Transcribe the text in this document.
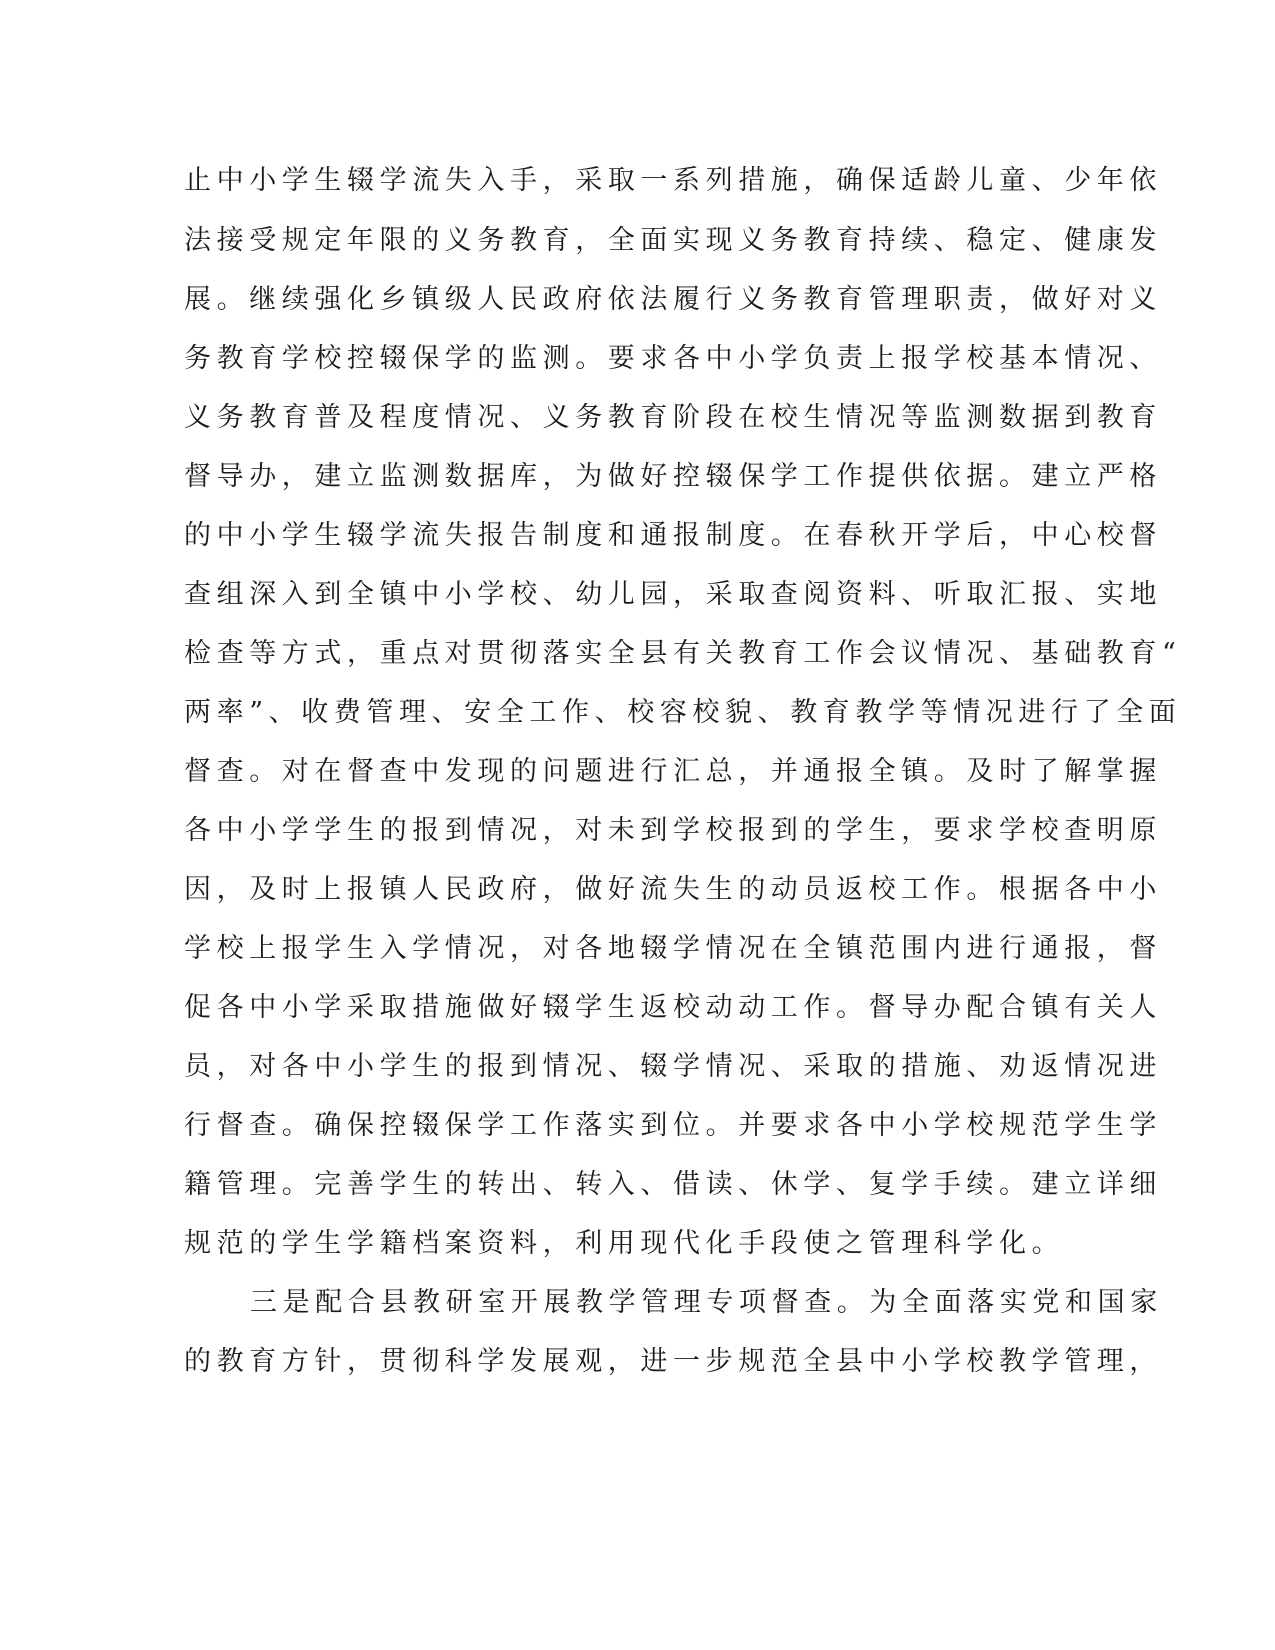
止中小学生辍学流失入手，采取一系列措施，确保适龄儿童、少年依
法接受规定年限的义务教育，全面实现义务教育持续、稳定、健康发
展。继续强化乡镇级人民政府依法履行义务教育管理职责，做好对义
务教育学校控辍保学的监测。要求各中小学负责上报学校基本情况、
义务教育普及程度情况、义务教育阶段在校生情况等监测数据到教育
督导办，建立监测数据库，为做好控辍保学工作提供依据。建立严格
的中小学生辍学流失报告制度和通报制度。在春秋开学后，中心校督
查组深入到全镇中小学校、幼儿园，采取查阅资料、听取汇报、实地
检查等方式，重点对贯彻落实全县有关教育工作会议情况、基础教育“
两率”、收费管理、安全工作、校容校貌、教育教学等情况进行了全面
督查。对在督查中发现的问题进行汇总，并通报全镇。及时了解掌握
各中小学学生的报到情况，对未到学校报到的学生，要求学校查明原
因，及时上报镇人民政府，做好流失生的动员返校工作。根据各中小
学校上报学生入学情况，对各地辍学情况在全镇范围内进行通报，督
促各中小学采取措施做好辍学生返校动动工作。督导办配合镇有关人
员，对各中小学生的报到情况、辍学情况、采取的措施、劝返情况进
行督查。确保控辍保学工作落实到位。并要求各中小学校规范学生学
籍管理。完善学生的转出、转入、借读、休学、复学手续。建立详细
规范的学生学籍档案资料，利用现代化手段使之管理科学化。
三是配合县教研室开展教学管理专项督查。为全面落实党和国家
的教育方针，贯彻科学发展观，进一步规范全县中小学校教学管理，
